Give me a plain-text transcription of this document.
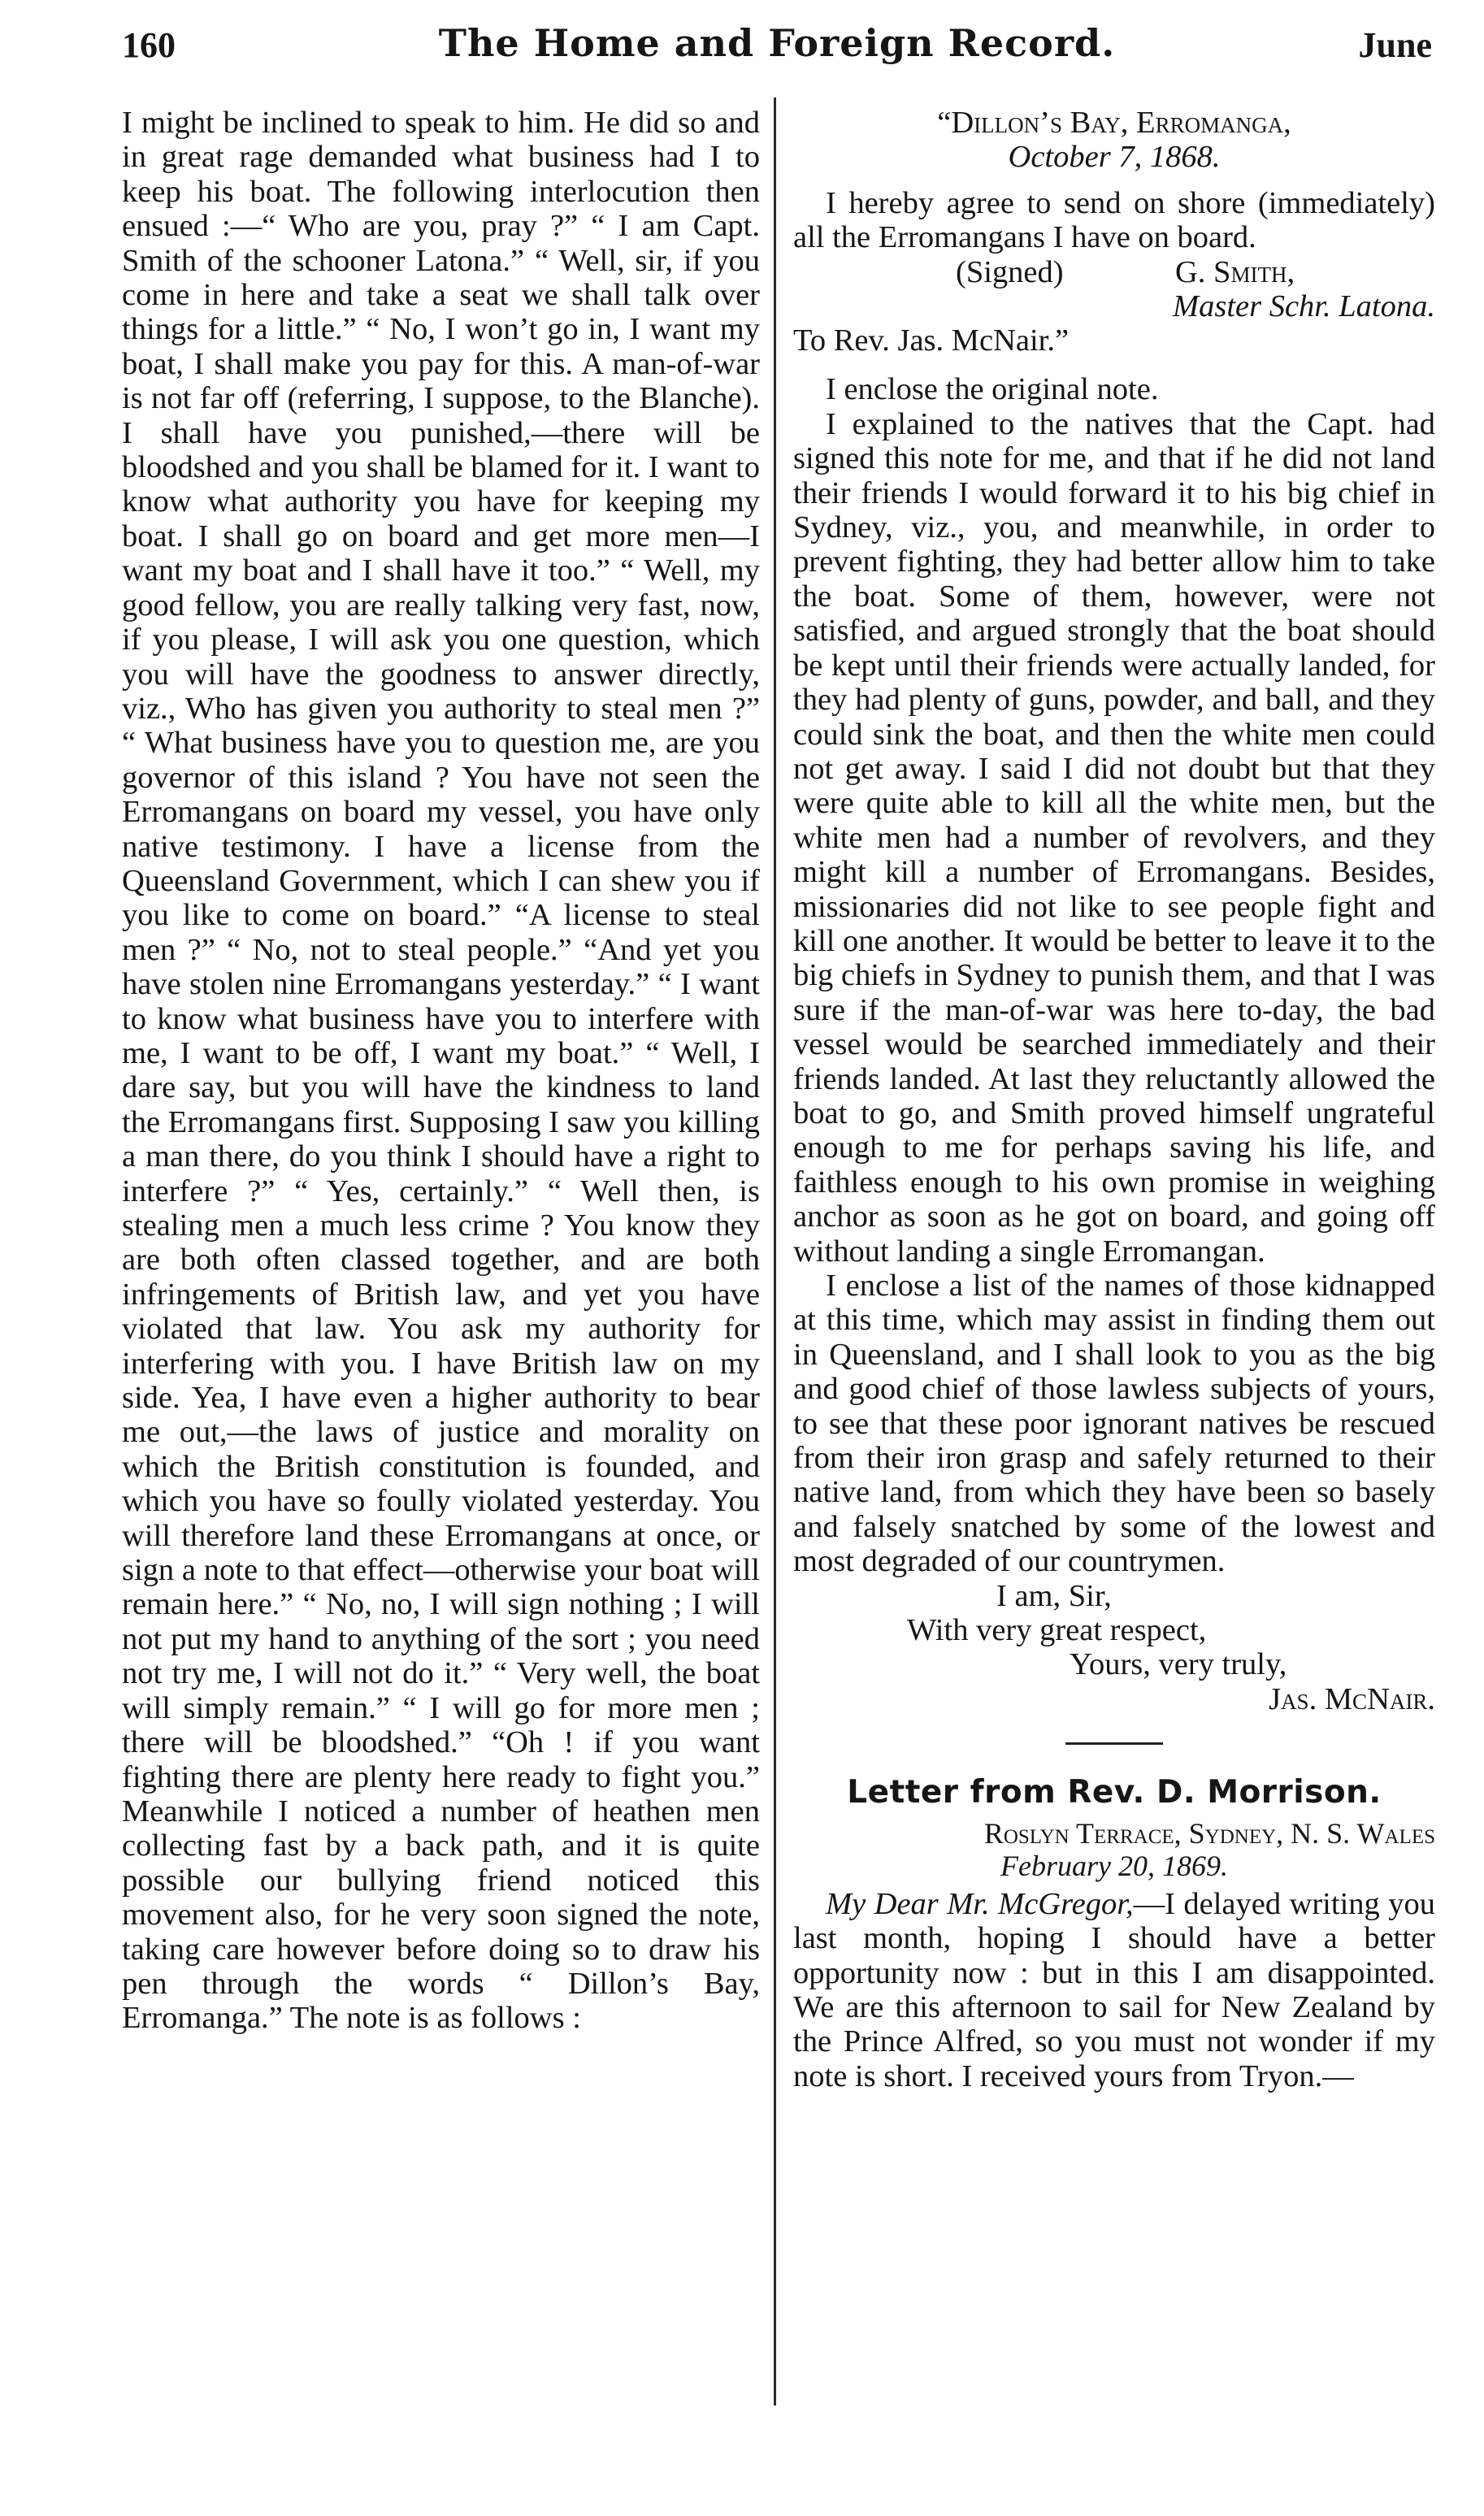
160	The Home and Foreign Record.	June

I might be inclined to speak to him. He did so and in great rage demanded what business had I to keep his boat. The following interlocution then ensued :—“ Who are you, pray ?” “ I am Capt. Smith of the schooner Latona.” “ Well, sir, if you come in here and take a seat we shall talk over things for a little.” “ No, I won’t go in, I want my boat, I shall make you pay for this. A man-of-war is not far off (referring, I suppose, to the Blanche). I shall have you punished,—there will be bloodshed and you shall be blamed for it. I want to know what authority you have for keeping my boat. I shall go on board and get more men—I want my boat and I shall have it too.” “ Well, my good fellow, you are really talking very fast, now, if you please, I will ask you one question, which you will have the goodness to answer directly, viz., Who has given you authority to steal men ?” “ What business have you to question me, are you governor of this island ? You have not seen the Erromangans on board my vessel, you have only native testimony. I have a license from the Queensland Government, which I can shew you if you like to come on board.” “A license to steal men ?” “ No, not to steal people.” “And yet you have stolen nine Erromangans yesterday.” “ I want to know what business have you to interfere with me, I want to be off, I want my boat.” “ Well, I dare say, but you will have the kindness to land the Erromangans first. Supposing I saw you killing a man there, do you think I should have a right to interfere ?” “ Yes, certainly.” “ Well then, is stealing men a much less crime ? You know they are both often classed together, and are both infringements of British law, and yet you have violated that law. You ask my authority for interfering with you. I have British law on my side. Yea, I have even a higher authority to bear me out,—the laws of justice and morality on which the British constitution is founded, and which you have so foully violated yesterday. You will therefore land these Erromangans at once, or sign a note to that effect—otherwise your boat will remain here.” “ No, no, I will sign nothing ; I will not put my hand to anything of the sort ; you need not try me, I will not do it.” “ Very well, the boat will simply remain.” “ I will go for more men ; there will be bloodshed.” “Oh ! if you want fighting there are plenty here ready to fight you.” Meanwhile I noticed a number of heathen men collecting fast by a back path, and it is quite possible our bullying friend noticed this movement also, for he very soon signed the note, taking care however before doing so to draw his pen through the words “ Dillon’s Bay, Erromanga.” The note is as follows :

“Dillon’s Bay, Erromanga,
October 7, 1868.

I hereby agree to send on shore (immediately) all the Erromangans I have on board.

(Signed)	G. Smith,
Master Schr. Latona.
To Rev. Jas. McNair.”

I enclose the original note.

I explained to the natives that the Capt. had signed this note for me, and that if he did not land their friends I would forward it to his big chief in Sydney, viz., you, and meanwhile, in order to prevent fighting, they had better allow him to take the boat. Some of them, however, were not satisfied, and argued strongly that the boat should be kept until their friends were actually landed, for they had plenty of guns, powder, and ball, and they could sink the boat, and then the white men could not get away. I said I did not doubt but that they were quite able to kill all the white men, but the white men had a number of revolvers, and they might kill a number of Erromangans. Besides, missionaries did not like to see people fight and kill one another. It would be better to leave it to the big chiefs in Sydney to punish them, and that I was sure if the man-of-war was here to-day, the bad vessel would be searched immediately and their friends landed. At last they reluctantly allowed the boat to go, and Smith proved himself ungrateful enough to me for perhaps saving his life, and faithless enough to his own promise in weighing anchor as soon as he got on board, and going off without landing a single Erromangan.

I enclose a list of the names of those kidnapped at this time, which may assist in finding them out in Queensland, and I shall look to you as the big and good chief of those lawless subjects of yours, to see that these poor ignorant natives be rescued from their iron grasp and safely returned to their native land, from which they have been so basely and falsely snatched by some of the lowest and most degraded of our countrymen.

I am, Sir,
With very great respect,
Yours, very truly,
Jas. McNair.
Letter from Rev. D. Morrison.
Roslyn Terrace, Sydney, N. S. Wales
February 20, 1869.

My Dear Mr. McGregor,—I delayed writing you last month, hoping I should have a better opportunity now : but in this I am disappointed. We are this afternoon to sail for New Zealand by the Prince Alfred, so you must not wonder if my note is short. I received yours from Tryon.—
